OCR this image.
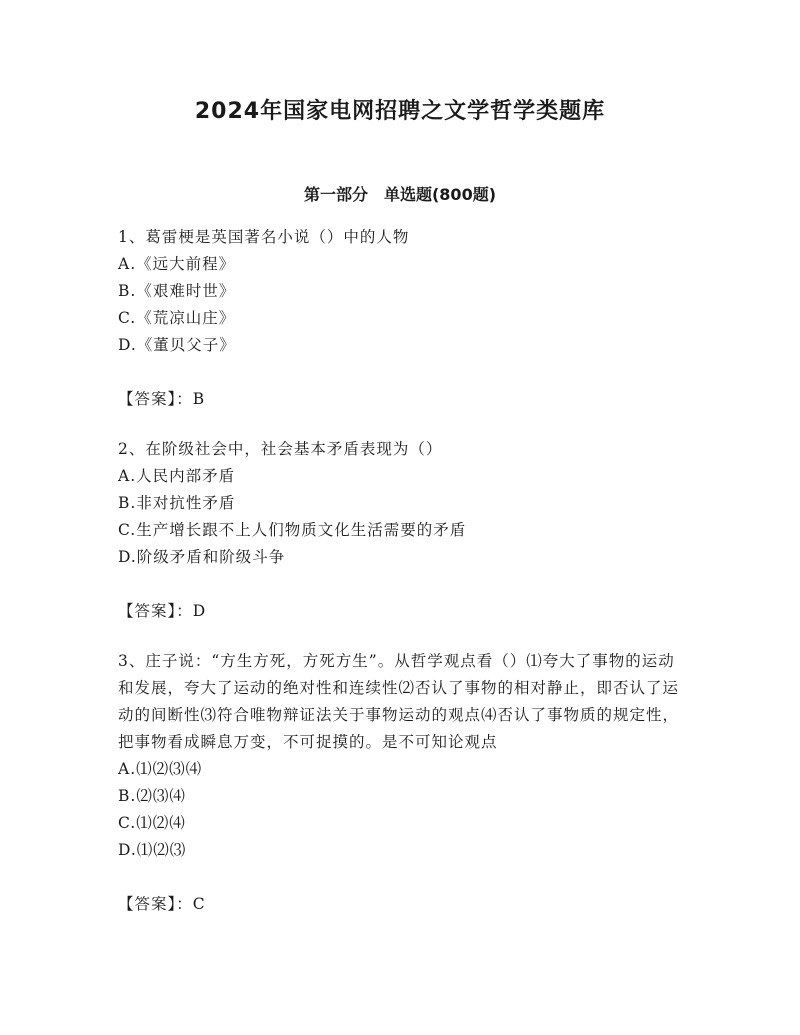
2024年国家电网招聘之文学哲学类题库
第一部分　单选题(800题)
1、葛雷梗是英国著名小说（）中的人物
A.《远大前程》
B.《艰难时世》
C.《荒凉山庄》
D.《董贝父子》
【答案】：B
2、在阶级社会中，社会基本矛盾表现为（）
A.人民内部矛盾
B.非对抗性矛盾
C.生产增长跟不上人们物质文化生活需要的矛盾
D.阶级矛盾和阶级斗争
【答案】：D
3、庄子说：“方生方死，方死方生”。从哲学观点看（）⑴夸大了事物的运动和发展，夸大了运动的绝对性和连续性⑵否认了事物的相对静止，即否认了运动的间断性⑶符合唯物辩证法关于事物运动的观点⑷否认了事物质的规定性，把事物看成瞬息万变，不可捉摸的。是不可知论观点
A.⑴⑵⑶⑷
B.⑵⑶⑷
C.⑴⑵⑷
D.⑴⑵⑶
【答案】：C
